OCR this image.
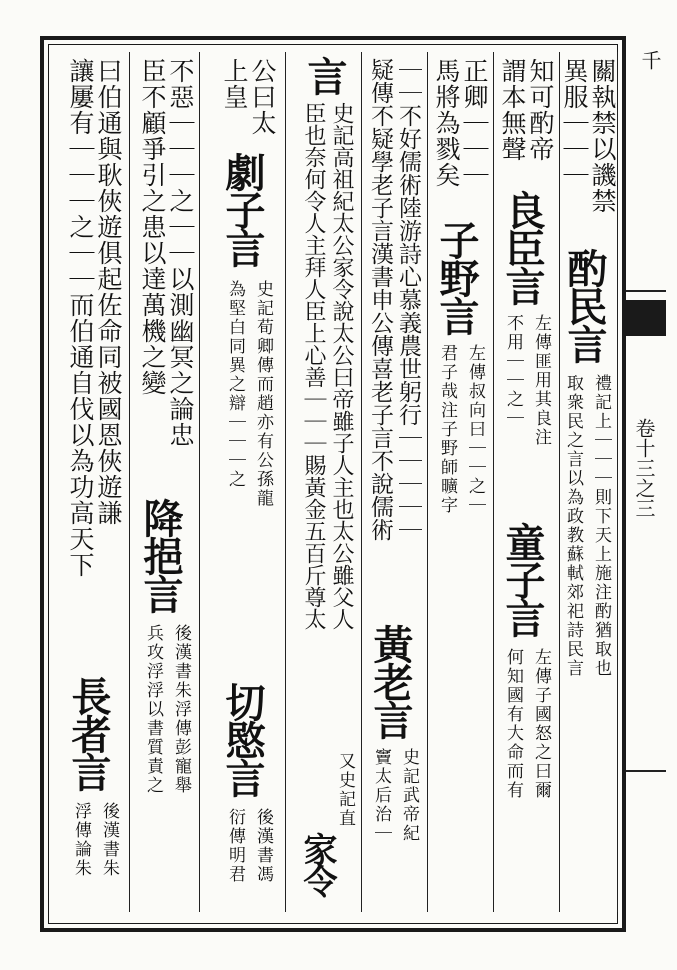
千
卷十三之三
關執禁以譏禁
異服｜｜｜
酌民言
禮記上｜｜｜則下天上施注酌猶取也
取衆民之言以為政教蘇軾郊祀詩民言
知可酌帝
謂本無聲
良臣言
左傳匪用其良注
不用｜｜之｜
童子言
左傳子國怒之曰爾
何知國有大命而有
正卿｜｜｜
馬將為戮矣
子野言
左傳叔向曰｜｜之｜
君子哉注子野師曠字
｜｜不好儒術陸游詩心慕義農世躬行｜｜｜｜｜
疑傳不疑學老子言漢書申公傳喜老子言不說儒術
黃老言
史記武帝紀
竇太后治｜
言
史記高祖紀太公家令說太公曰帝雖子人主也太公雖父人
臣也奈何令人主拜人臣上心善｜｜｜賜黃金五百斤尊太
又史記直
家令
公曰太
上皇
劇子言
史記荀卿傳而趙亦有公孫龍
為堅白同異之辯｜｜｜之
切愍言
後漢書馮
衍傳明君
不惡｜｜｜之｜｜以測幽冥之論忠
臣不顧爭引之患以達萬機之變
降挹言
後漢書朱浮傳彭寵舉
兵攻浮浮以書質責之
曰伯通與耿俠遊俱起佐命同被國恩俠遊謙
讓屢有｜｜｜之｜｜而伯通自伐以為功高天下
長者言
後漢書朱
浮傳論朱
